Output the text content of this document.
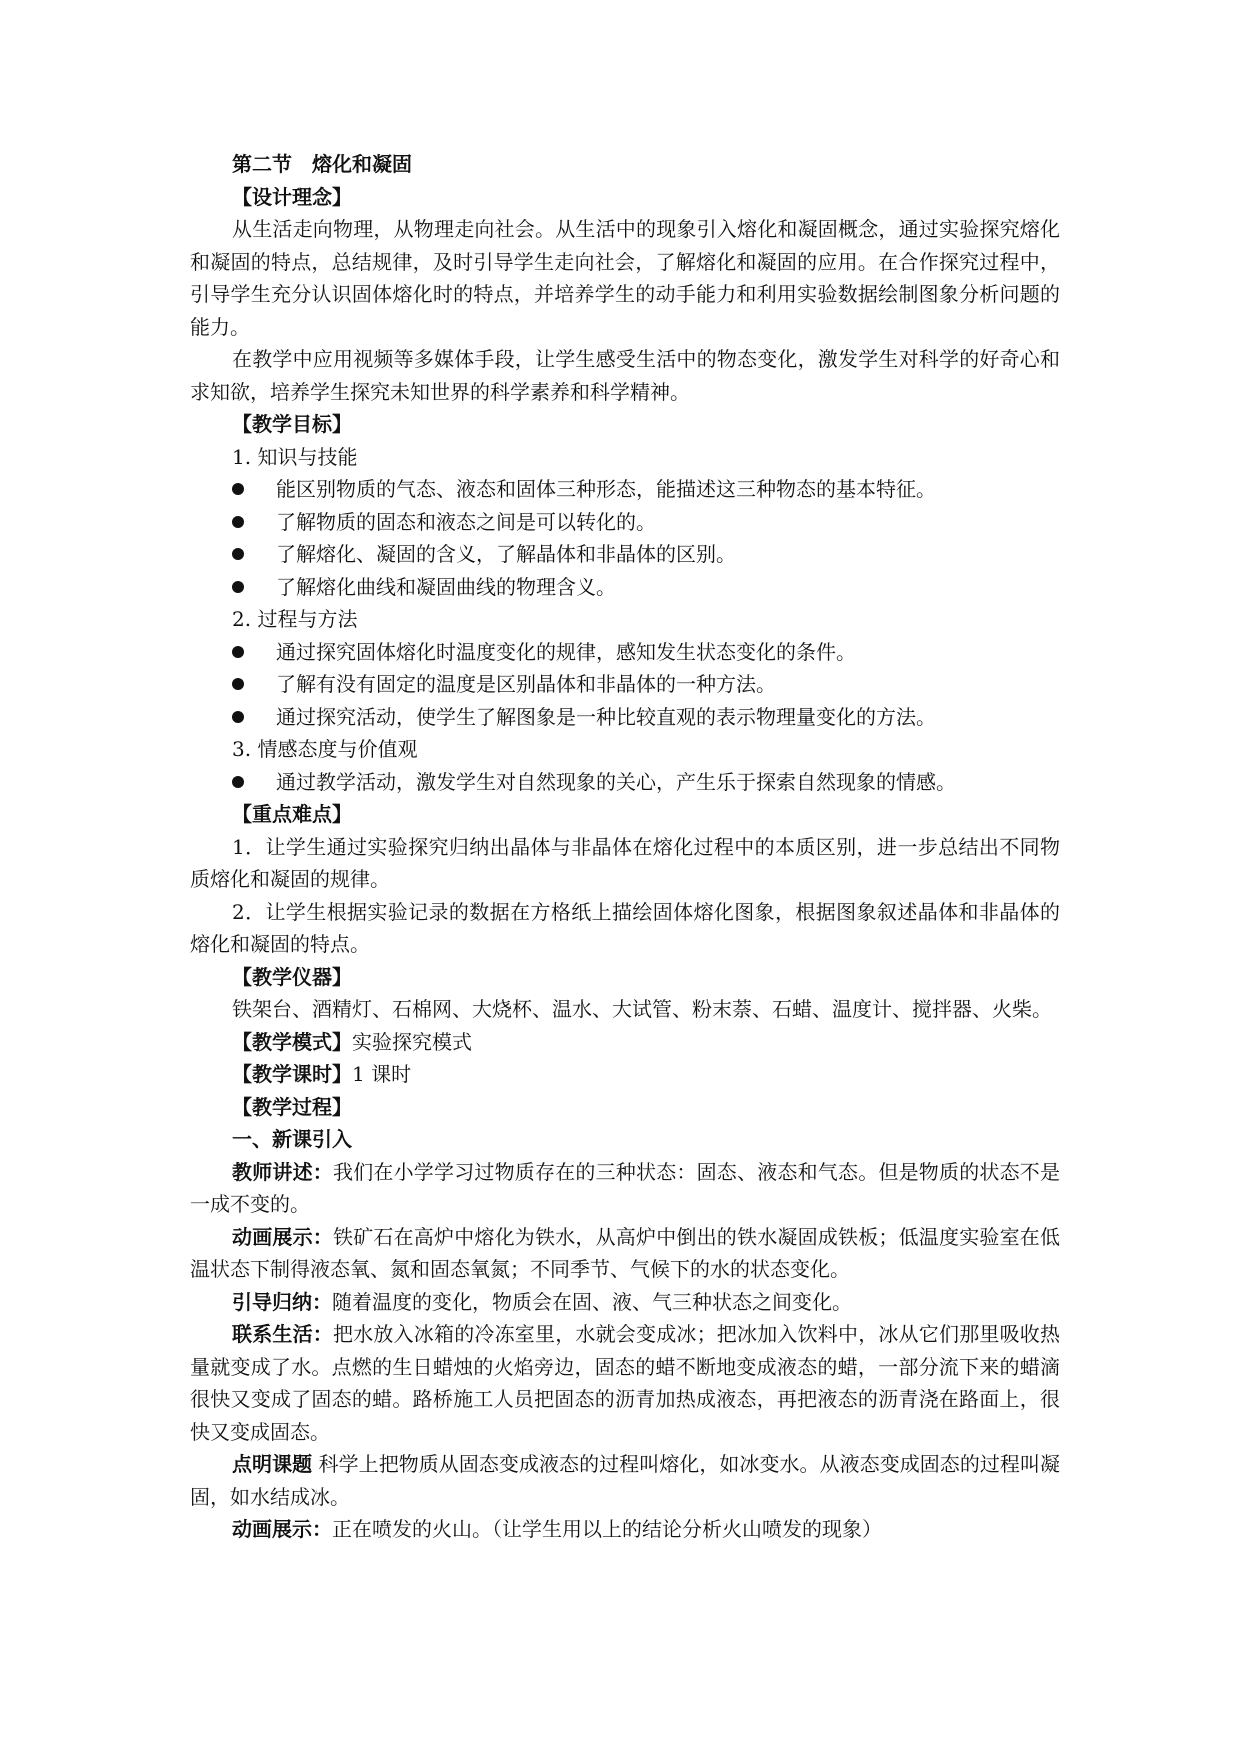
第二节 熔化和凝固

【设计理念】

从生活走向物理，从物理走向社会。从生活中的现象引入熔化和凝固概念，通过实验探究熔化和凝固的特点，总结规律，及时引导学生走向社会，了解熔化和凝固的应用。在合作探究过程中，引导学生充分认识固体熔化时的特点，并培养学生的动手能力和利用实验数据绘制图象分析问题的能力。

在教学中应用视频等多媒体手段，让学生感受生活中的物态变化，激发学生对科学的好奇心和求知欲，培养学生探究未知世界的科学素养和科学精神。

【教学目标】

1. 知识与技能

能区别物质的气态、液态和固体三种形态，能描述这三种物态的基本特征。

了解物质的固态和液态之间是可以转化的。

了解熔化、凝固的含义，了解晶体和非晶体的区别。

了解熔化曲线和凝固曲线的物理含义。

2. 过程与方法

通过探究固体熔化时温度变化的规律，感知发生状态变化的条件。

了解有没有固定的温度是区别晶体和非晶体的一种方法。

通过探究活动，使学生了解图象是一种比较直观的表示物理量变化的方法。

3. 情感态度与价值观

通过教学活动，激发学生对自然现象的关心，产生乐于探索自然现象的情感。

【重点难点】

1．让学生通过实验探究归纳出晶体与非晶体在熔化过程中的本质区别，进一步总结出不同物质熔化和凝固的规律。

2．让学生根据实验记录的数据在方格纸上描绘固体熔化图象，根据图象叙述晶体和非晶体的熔化和凝固的特点。

【教学仪器】

铁架台、酒精灯、石棉网、大烧杯、温水、大试管、粉末萘、石蜡、温度计、搅拌器、火柴。

【教学模式】实验探究模式

【教学课时】1 课时

【教学过程】

一、新课引入

教师讲述：我们在小学学习过物质存在的三种状态：固态、液态和气态。但是物质的状态不是一成不变的。

动画展示：铁矿石在高炉中熔化为铁水，从高炉中倒出的铁水凝固成铁板；低温度实验室在低温状态下制得液态氧、氮和固态氧氮；不同季节、气候下的水的状态变化。

引导归纳：随着温度的变化，物质会在固、液、气三种状态之间变化。

联系生活：把水放入冰箱的冷冻室里，水就会变成冰；把冰加入饮料中，冰从它们那里吸收热量就变成了水。点燃的生日蜡烛的火焰旁边，固态的蜡不断地变成液态的蜡，一部分流下来的蜡滴很快又变成了固态的蜡。路桥施工人员把固态的沥青加热成液态，再把液态的沥青浇在路面上，很快又变成固态。

点明课题 科学上把物质从固态变成液态的过程叫熔化，如冰变水。从液态变成固态的过程叫凝固，如水结成冰。

动画展示：正在喷发的火山。（让学生用以上的结论分析火山喷发的现象）
